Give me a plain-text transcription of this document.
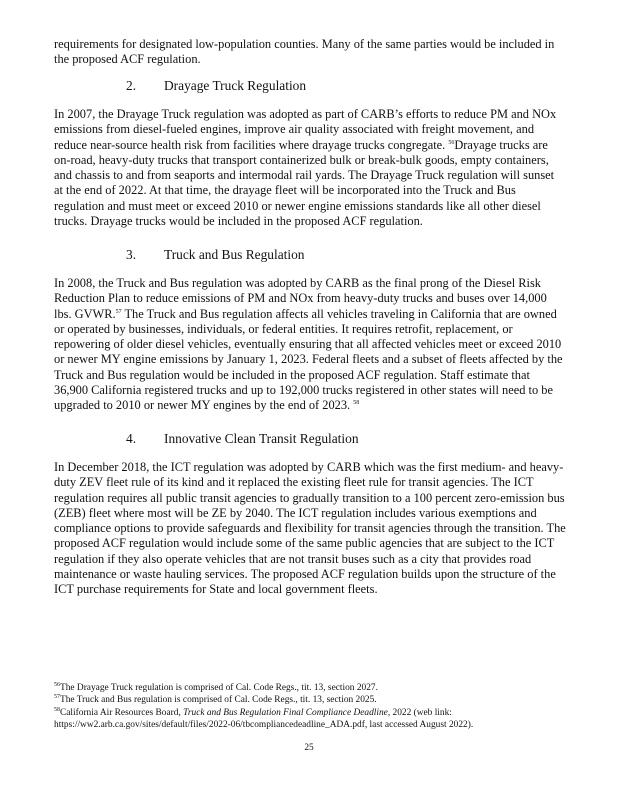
requirements for designated low-population counties. Many of the same parties would be included in the proposed ACF regulation.

2. Drayage Truck Regulation

In 2007, the Drayage Truck regulation was adopted as part of CARB’s efforts to reduce PM and NOx emissions from diesel-fueled engines, improve air quality associated with freight movement, and reduce near-source health risk from facilities where drayage trucks congregate. $^{56}$Drayage trucks are on-road, heavy-duty trucks that transport containerized bulk or break-bulk goods, empty containers, and chassis to and from seaports and intermodal rail yards. The Drayage Truck regulation will sunset at the end of 2022. At that time, the drayage fleet will be incorporated into the Truck and Bus regulation and must meet or exceed 2010 or newer engine emissions standards like all other diesel trucks. Drayage trucks would be included in the proposed ACF regulation.

3. Truck and Bus Regulation

In 2008, the Truck and Bus regulation was adopted by CARB as the final prong of the Diesel Risk Reduction Plan to reduce emissions of PM and NOx from heavy-duty trucks and buses over 14,000 lbs. GVWR.$^{57}$ The Truck and Bus regulation affects all vehicles traveling in California that are owned or operated by businesses, individuals, or federal entities. It requires retrofit, replacement, or repowering of older diesel vehicles, eventually ensuring that all affected vehicles meet or exceed 2010 or newer MY engine emissions by January 1, 2023. Federal fleets and a subset of fleets affected by the Truck and Bus regulation would be included in the proposed ACF regulation. Staff estimate that 36,900 California registered trucks and up to 192,000 trucks registered in other states will need to be upgraded to 2010 or newer MY engines by the end of 2023. $^{58}$

4. Innovative Clean Transit Regulation

In December 2018, the ICT regulation was adopted by CARB which was the first medium- and heavy-duty ZEV fleet rule of its kind and it replaced the existing fleet rule for transit agencies. The ICT regulation requires all public transit agencies to gradually transition to a 100 percent zero-emission bus (ZEB) fleet where most will be ZE by 2040. The ICT regulation includes various exemptions and compliance options to provide safeguards and flexibility for transit agencies through the transition. The proposed ACF regulation would include some of the same public agencies that are subject to the ICT regulation if they also operate vehicles that are not transit buses such as a city that provides road maintenance or waste hauling services. The proposed ACF regulation builds upon the structure of the ICT purchase requirements for State and local government fleets.

$^{56}$The Drayage Truck regulation is comprised of Cal. Code Regs., tit. 13, section 2027.

$^{57}$The Truck and Bus regulation is comprised of Cal. Code Regs., tit. 13, section 2025.

$^{58}$California Air Resources Board, Truck and Bus Regulation Final Compliance Deadline, 2022 (web link: https://ww2.arb.ca.gov/sites/default/files/2022-06/tbcompliancedeadline_ADA.pdf, last accessed August 2022).

25
